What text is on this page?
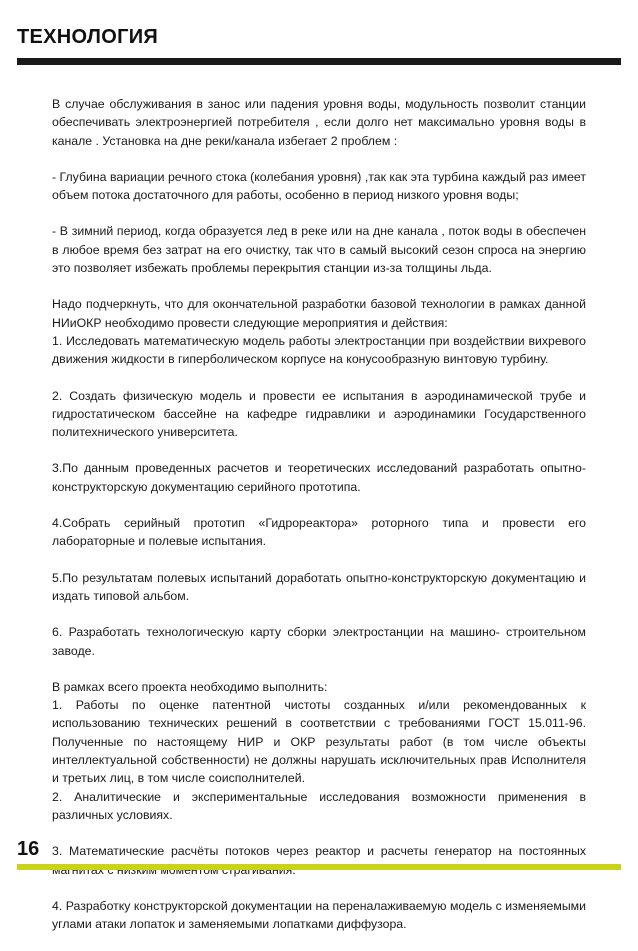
ТЕХНОЛОГИЯ

В случае обслуживания в занос или падения уровня воды, модульность позволит станции обеспечивать электроэнергией потребителя , если долго нет максимально уровня воды в канале . Установка на дне реки/канала избегает 2 проблем :

- Глубина вариации речного стока (колебания уровня) ,так как эта турбина каждый раз имеет объем потока достаточного для работы, особенно в период низкого уровня воды;

- В зимний период, когда образуется лед в реке или на дне канала , поток воды в обеспечен в любое время без затрат на его очистку, так что в самый высокий сезон спроса на энергию это позволяет избежать проблемы перекрытия станции из-за толщины льда.

Надо подчеркнуть, что для окончательной разработки базовой технологии в рамках данной НИиОКР необходимо провести следующие мероприятия и действия:

1. Исследовать математическую модель работы электростанции при воздействии вихревого движения жидкости в гиперболическом корпусе на конусообразную винтовую турбину.

2. Создать физическую модель и провести ее испытания в аэродинамической трубе и гидростатическом бассейне на кафедре гидравлики и аэродинамики Государственного политехнического университета.

3.По данным проведенных расчетов и теоретических исследований разработать опытно-конструкторскую документацию серийного прототипа.

4.Собрать серийный прототип «Гидрореактора» роторного типа и провести его лабораторные и полевые испытания.

5.По результатам полевых испытаний доработать опытно-конструкторскую документацию и издать типовой альбом.

6. Разработать технологическую карту сборки электростанции на машино- строительном заводе.

В рамках всего проекта необходимо выполнить:

1. Работы по оценке патентной чистоты созданных и/или рекомендованных к использованию технических решений в соответствии с требованиями ГОСТ 15.011-96. Полученные по настоящему НИР и ОКР результаты работ (в том числе объекты интеллектуальной собственности) не должны нарушать исключительных прав Исполнителя и третьих лиц, в том числе соисполнителей.

2. Аналитические и экспериментальные исследования возможности применения в различных условиях.

3. Математические расчёты потоков через реактор и расчеты генератор на постоянных

4. Разработку конструкторской документации на переналаживаемую модель с изменяемыми углами атаки лопаток и заменяемыми лопатками диффузора.

16
